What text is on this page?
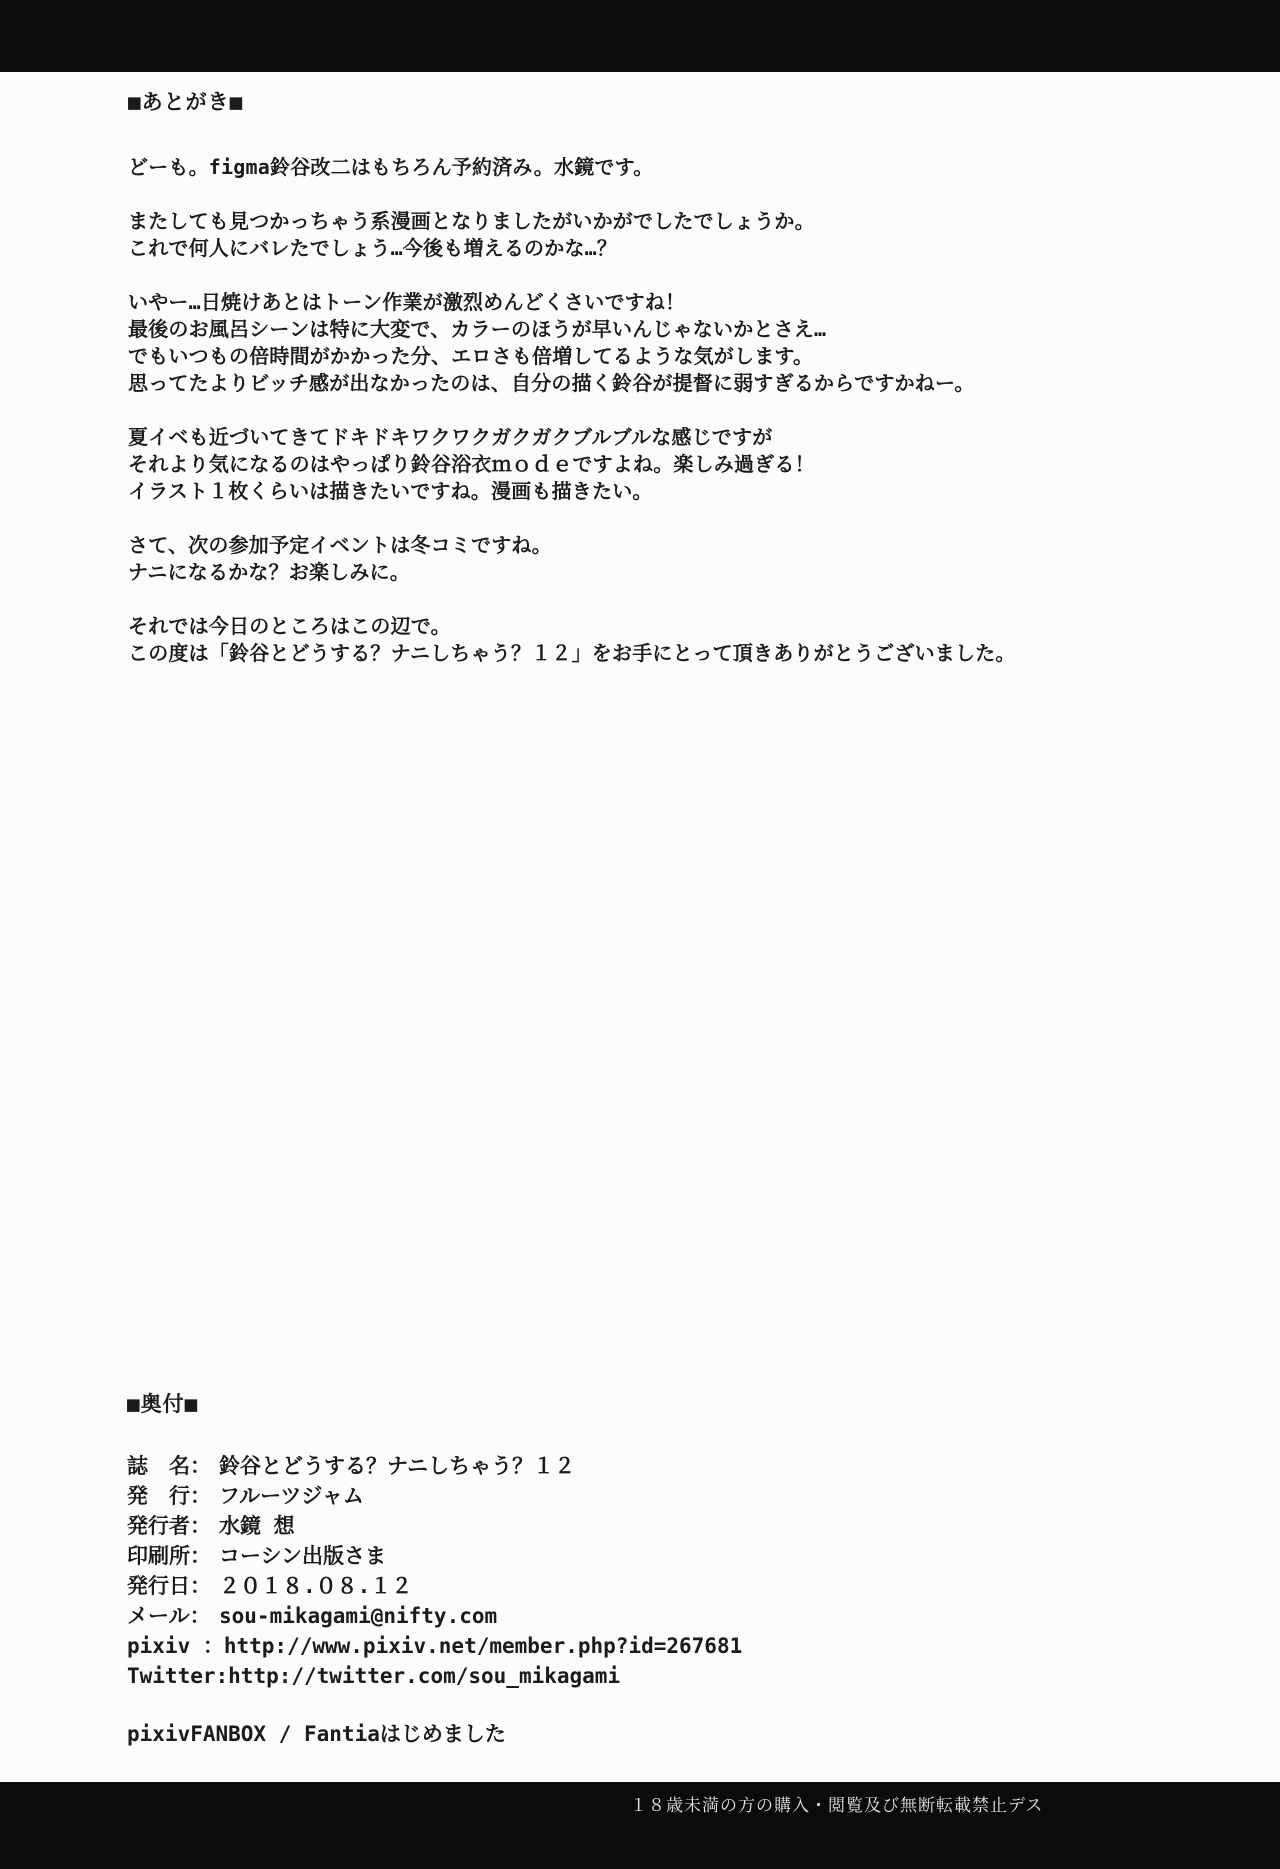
■あとがき■
どーも。figma鈴谷改二はもちろん予約済み。水鏡です。
またしても見つかっちゃう系漫画となりましたがいかがでしたでしょうか。
これで何人にバレたでしょう…今後も増えるのかな…？
いやー…日焼けあとはトーン作業が激烈めんどくさいですね！
最後のお風呂シーンは特に大変で、カラーのほうが早いんじゃないかとさえ…
でもいつもの倍時間がかかった分、エロさも倍増してるような気がします。
思ってたよりビッチ感が出なかったのは、自分の描く鈴谷が提督に弱すぎるからですかねー。
夏イベも近づいてきてドキドキワクワクガクガクブルブルな感じですが
それより気になるのはやっぱり鈴谷浴衣ｍｏｄｅですよね。楽しみ過ぎる！
イラスト１枚くらいは描きたいですね。漫画も描きたい。
さて、次の参加予定イベントは冬コミですね。
ナニになるかな？お楽しみに。
それでは今日のところはこの辺で。
この度は「鈴谷とどうする？ナニしちゃう？１２」をお手にとって頂きありがとうございました。
■奥付■
誌　名： 鈴谷とどうする？ナニしちゃう？１２
発　行： フルーツジャム
発行者： 水鏡 想
印刷所： コーシン出版さま
発行日： ２０１８.０８.１２
メール： sou-mikagami@nifty.com
pixiv ： http://www.pixiv.net/member.php?id=267681
Twitter: http://twitter.com/sou_mikagami
pixivFANBOX / Fantiaはじめました
１８歳未満の方の購入・閲覧及び無断転載禁止デス
